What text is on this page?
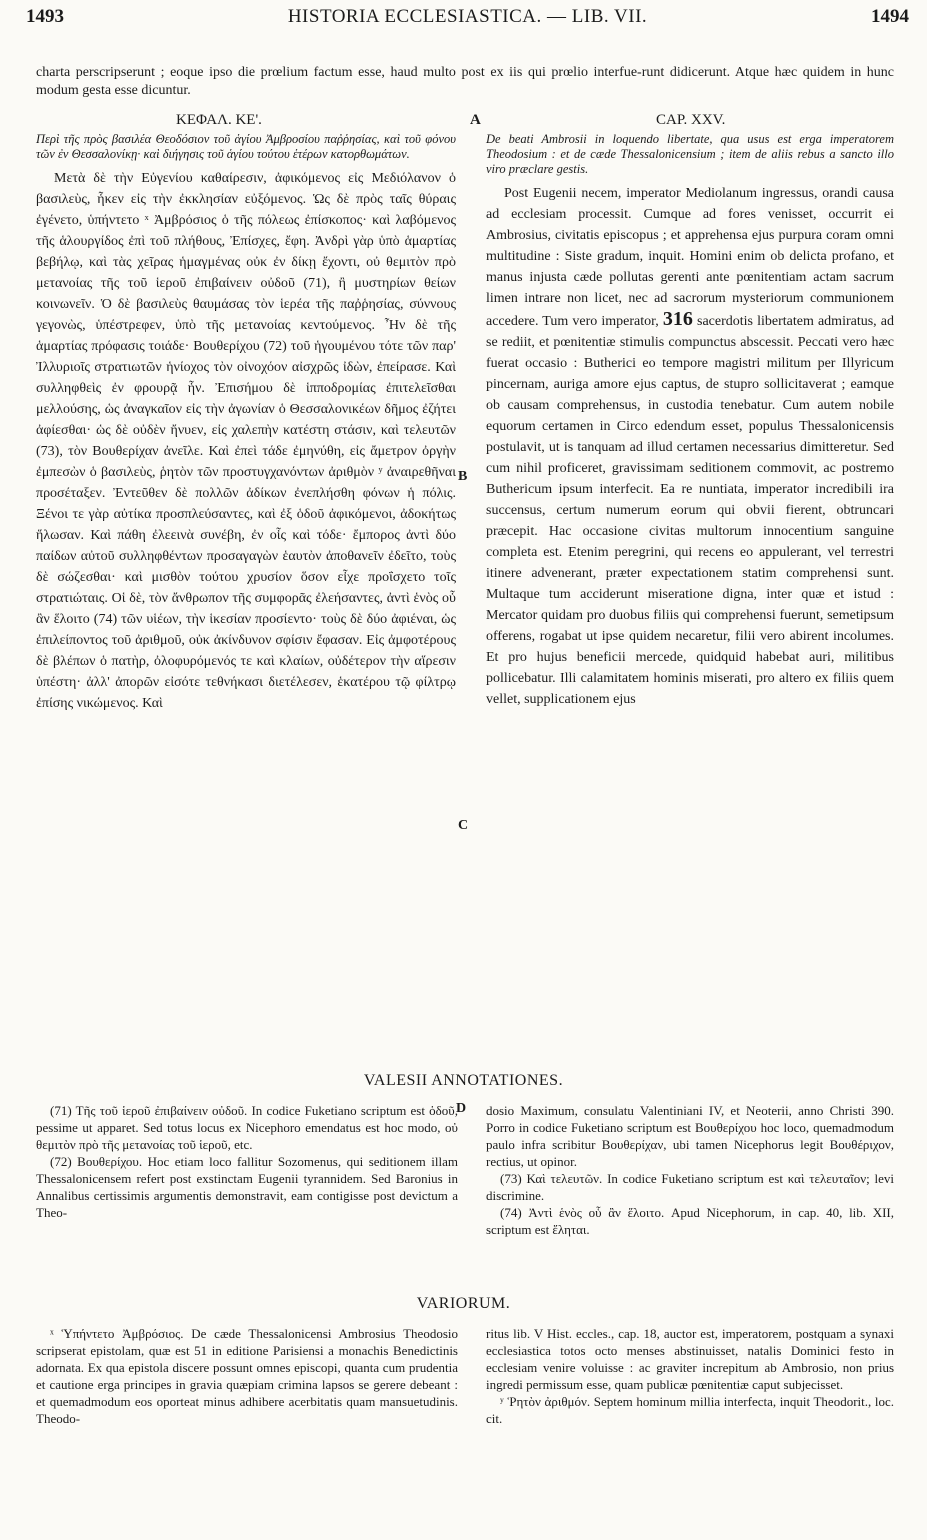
1493	HISTORIA ECCLESIASTICA. — LIB. VII.	1494
charta perscripserunt ; eoque ipso die prœlium factum esse, haud multo post ex iis qui prœlio interfue-runt didicerunt. Atque hæc quidem in hunc modum gesta esse dicuntur.
ΚΕΦΑΛ. ΚΕ'.	A	CAP. XXV.
Περὶ τῆς πρὸς βασιλέα Θεοδόσιον τοῦ ἁγίου Ἀμβροσίου παῤῥησίας, καὶ τοῦ φόνου τῶν ἐν Θεσσαλονίκῃ· καὶ διήγησις τοῦ ἁγίου τούτου ἑτέρων κατορθωμάτων.

Μετὰ δὲ τὴν Εὐγενίου καθαίρεσιν, ἀφικόμενος εἰς Μεδιόλανον ὁ βασιλεὺς, ἧκεν εἰς τὴν ἐκκλησίαν εὐξόμενος. Ὡς δὲ πρὸς ταῖς θύραις ἐγένετο, ὑπήντετο ˣ Ἀμβρόσιος ὁ τῆς πόλεως ἐπίσκοπος· καὶ λαβόμενος τῆς ἁλουργίδος ἐπὶ τοῦ πλήθους, Ἐπίσχες, ἔφη. Ἀνδρὶ γὰρ ὑπὸ ἁμαρτίας βεβήλῳ, καὶ τὰς χεῖρας ἡμαγμένας οὐκ ἐν δίκῃ ἔχοντι, οὐ θεμιτὸν πρὸ μετανοίας τῆς τοῦ ἱεροῦ ἐπιβαίνειν οὐδοῦ (71), ἢ μυστηρίων θείων κοινωνεῖν. Ὁ δὲ βασιλεὺς θαυμάσας τὸν ἱερέα τῆς παῤῥησίας, σύννους γεγονὼς, ὑπέστρεφεν, ὑπὸ τῆς μετανοίας κεντούμενος. Ἦν δὲ τῆς ἁμαρτίας πρόφασις τοιάδε· Βουθερίχου (72) τοῦ ἡγουμένου τότε τῶν παρ' Ἰλλυριοῖς στρατιωτῶν ἡνίοχος τὸν οἰνοχόον αἰσχρῶς ἰδὼν, ἐπείρασε. Καὶ συλληφθεὶς ἐν φρουρᾷ ἦν. Ἐπισήμου δὲ ἱπποδρομίας ἐπιτελεῖσθαι μελλούσης, ὡς ἀναγκαῖον εἰς τὴν ἀγωνίαν ὁ Θεσσαλονικέων δῆμος ἐζήτει ἀφίεσθαι· ὡς δὲ οὐδὲν ἤνυεν, εἰς χαλεπὴν κατέστη στάσιν, καὶ τελευτῶν (73), τὸν Βουθερίχαν ἀνεῖλε. Καὶ ἐπεὶ τάδε ἐμηνύθη, εἰς ἄμετρον ὀργὴν ἐμπεσὼν ὁ βασιλεὺς, ῥητὸν τῶν προστυγχανόντων ἀριθμὸν ʸ ἀναιρεθῆναι προσέταξεν. Ἐντεῦθεν δὲ πολλῶν ἀδίκων ἐνεπλήσθη φόνων ἡ πόλις. Ξένοι τε γὰρ αὐτίκα προσπλεύσαντες, καὶ ἐξ ὁδοῦ ἀφικόμενοι, ἀδοκήτως ἥλωσαν. Καὶ πάθη ἐλεεινὰ συνέβη, ἐν οἷς καὶ τόδε· ἔμπορος ἀντὶ δύο παίδων αὐτοῦ συλληφθέντων προσαγαγὼν ἑαυτὸν ἀποθανεῖν ἐδεῖτο, τοὺς δὲ σώζεσθαι· καὶ μισθὸν τούτου χρυσίον ὅσον εἶχε προΐσχετο τοῖς στρατιώταις. Οἱ δὲ, τὸν ἄνθρωπον τῆς συμφορᾶς ἐλεήσαντες, ἀντὶ ἑνὸς οὗ ἂν ἕλοιτο (74) τῶν υἱέων, τὴν ἱκεσίαν προσίεντο· τοὺς δὲ δύο ἀφιέναι, ὡς ἐπιλείποντος τοῦ ἀριθμοῦ, οὐκ ἀκίνδυνον σφίσιν ἔφασαν. Εἰς ἀμφοτέρους δὲ βλέπων ὁ πατὴρ, ὀλοφυρόμενός τε καὶ κλαίων, οὐδέτερον τὴν αἵρεσιν ὑπέστη· ἀλλ' ἀπορῶν εἰσότε τεθνήκασι διετέλεσεν, ἑκατέρου τῷ φίλτρῳ ἐπίσης νικώμενος. Καὶ

B
C
De beati Ambrosii in loquendo libertate, qua usus est erga imperatorem Theodosium : et de cæde Thessalonicensium ; item de aliis rebus a sancto illo viro præclare gestis.

Post Eugenii necem, imperator Mediolanum ingressus, orandi causa ad ecclesiam processit. Cumque ad fores venisset, occurrit ei Ambrosius, civitatis episcopus ; et apprehensa ejus purpura coram omni multitudine : Siste gradum, inquit. Homini enim ob delicta profano, et manus injusta cæde pollutas gerenti ante pœnitentiam actam sacrum limen intrare non licet, nec ad sacrorum mysteriorum communionem accedere. Tum vero imperator, 316 sacerdotis libertatem admiratus, ad se rediit, et pœnitentiæ stimulis compunctus abscessit. Peccati vero hæc fuerat occasio : Butherici eo tempore magistri militum per Illyricum pincernam, auriga amore ejus captus, de stupro sollicitaverat ; eamque ob causam comprehensus, in custodia tenebatur. Cum autem nobile equorum certamen in Circo edendum esset, populus Thessalonicensis postulavit, ut is tanquam ad illud certamen necessarius dimitteretur. Sed cum nihil proficeret, gravissimam seditionem commovit, ac postremo Buthericum ipsum interfecit. Ea re nuntiata, imperator incredibili ira succensus, certum numerum eorum qui obvii fierent, obtruncari præcepit. Hac occasione civitas multorum innocentium sanguine completa est. Etenim peregrini, qui recens eo appulerant, vel terrestri itinere advenerant, præter expectationem statim comprehensi sunt. Multaque tum acciderunt miseratione digna, inter quæ et istud : Mercator quidam pro duobus filiis qui comprehensi fuerunt, semetipsum offerens, rogabat ut ipse quidem necaretur, filii vero abirent incolumes. Et pro hujus beneficii mercede, quidquid habebat auri, militibus pollicebatur. Illi calamitatem hominis miserati, pro altero ex filiis quem vellet, supplicationem ejus

VALESII ANNOTATIONES.

(71) Τῆς τοῦ ἱεροῦ ἐπιβαίνειν οὐδοῦ. In codice Fuketiano scriptum est ὁδοῦ, pessime ut apparet. Sed totus locus ex Nicephoro emendatus est hoc modo, οὐ θεμιτὸν πρὸ τῆς μετανοίας τοῦ ἱεροῦ, etc.

(72) Βουθερίχου. Hoc etiam loco fallitur Sozomenus, qui seditionem illam Thessalonicensem refert post exstinctam Eugenii tyrannidem. Sed Baronius in Annalibus certissimis argumentis demonstravit, eam contigisse post devictum a Theo-

D dosio Maximum, consulatu Valentiniani IV, et Neoterii, anno Christi 390. Porro in codice Fuketiano scriptum est Βουθερίχου hoc loco, quemadmodum paulo infra scribitur Βουθερίχαν, ubi tamen Nicephorus legit Βουθέριχον, rectius, ut opinor.

(73) Καὶ τελευτῶν. In codice Fuketiano scriptum est καὶ τελευταῖον; levi discrimine.

(74) Ἀντὶ ἑνὸς οὗ ἂν ἕλοιτο. Apud Nicephorum, in cap. 40, lib. XII, scriptum est ἕληται.

VARIORUM.

ˣ Ὑπήντετο Ἀμβρόσιος. De cæde Thessalonicensi Ambrosius Theodosio scripserat epistolam, quæ est 51 in editione Parisiensi a monachis Benedictinis adornata. Ex qua epistola discere possunt omnes episcopi, quanta cum prudentia et cautione erga principes in gravia quæpiam crimina lapsos se gerere debeant : et quemadmodum eos oporteat minus adhibere acerbitatis quam mansuetudinis. Theodo-

ritus lib. V Hist. eccles., cap. 18, auctor est, imperatorem, postquam a synaxi ecclesiastica totos octo menses abstinuisset, natalis Dominici festo in ecclesiam venire voluisse : ac graviter increpitum ab Ambrosio, non prius ingredi permissum esse, quam publicæ pœnitentiæ caput subjecisset.

ʸ Ῥητὸν ἀριθμόν. Septem hominum millia interfecta, inquit Theodorit., loc. cit.
